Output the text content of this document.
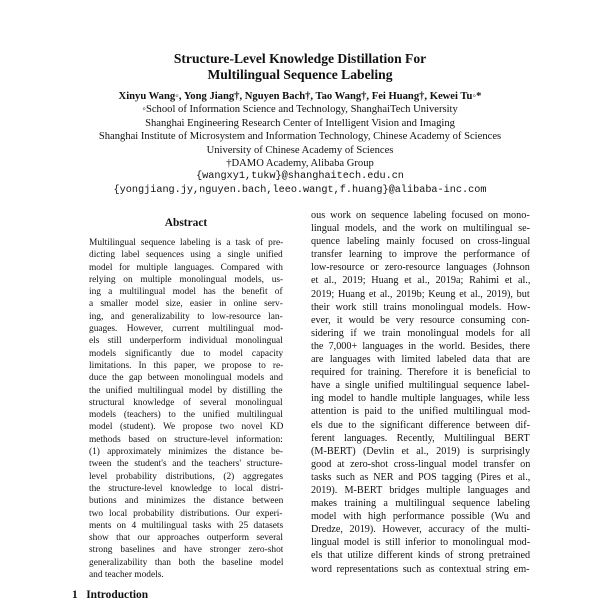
Structure-Level Knowledge Distillation For
Multilingual Sequence Labeling
Xinyu Wang◦, Yong Jiang†, Nguyen Bach†, Tao Wang†, Fei Huang†, Kewei Tu◦*
◦School of Information Science and Technology, ShanghaiTech University
Shanghai Engineering Research Center of Intelligent Vision and Imaging
Shanghai Institute of Microsystem and Information Technology, Chinese Academy of Sciences
University of Chinese Academy of Sciences
†DAMO Academy, Alibaba Group
{wangxy1,tukw}@shanghaitech.edu.cn
{yongjiang.jy,nguyen.bach,leeo.wangt,f.huang}@alibaba-inc.com
Abstract
Multilingual sequence labeling is a task of pre-
dicting label sequences using a single unified
model for multiple languages. Compared with
relying on multiple monolingual models, us-
ing a multilingual model has the benefit of
a smaller model size, easier in online serv-
ing, and generalizability to low-resource lan-
guages. However, current multilingual mod-
els still underperform individual monolingual
models significantly due to model capacity
limitations. In this paper, we propose to re-
duce the gap between monolingual models and
the unified multilingual model by distilling the
structural knowledge of several monolingual
models (teachers) to the unified multilingual
model (student). We propose two novel KD
methods based on structure-level information:
(1) approximately minimizes the distance be-
tween the student's and the teachers' structure-
level probability distributions, (2) aggregates
the structure-level knowledge to local distri-
butions and minimizes the distance between
two local probability distributions. Our experi-
ments on 4 multilingual tasks with 25 datasets
show that our approaches outperform several
strong baselines and have stronger zero-shot
generalizability than both the baseline model
and teacher models.
ous work on sequence labeling focused on mono-
lingual models, and the work on multilingual se-
quence labeling mainly focused on cross-lingual
transfer learning to improve the performance of
low-resource or zero-resource languages (Johnson
et al., 2019; Huang et al., 2019a; Rahimi et al.,
2019; Huang et al., 2019b; Keung et al., 2019), but
their work still trains monolingual models. How-
ever, it would be very resource consuming con-
sidering if we train monolingual models for all
the 7,000+ languages in the world. Besides, there
are languages with limited labeled data that are
required for training. Therefore it is beneficial to
have a single unified multilingual sequence label-
ing model to handle multiple languages, while less
attention is paid to the unified multilingual mod-
els due to the significant difference between dif-
ferent languages. Recently, Multilingual BERT
(M-BERT) (Devlin et al., 2019) is surprisingly
good at zero-shot cross-lingual model transfer on
tasks such as NER and POS tagging (Pires et al.,
2019). M-BERT bridges multiple languages and
makes training a multilingual sequence labeling
model with high performance possible (Wu and
Dredze, 2019). However, accuracy of the multi-
lingual model is still inferior to monolingual mod-
els that utilize different kinds of strong pretrained
word representations such as contextual string em-
1 Introduction
